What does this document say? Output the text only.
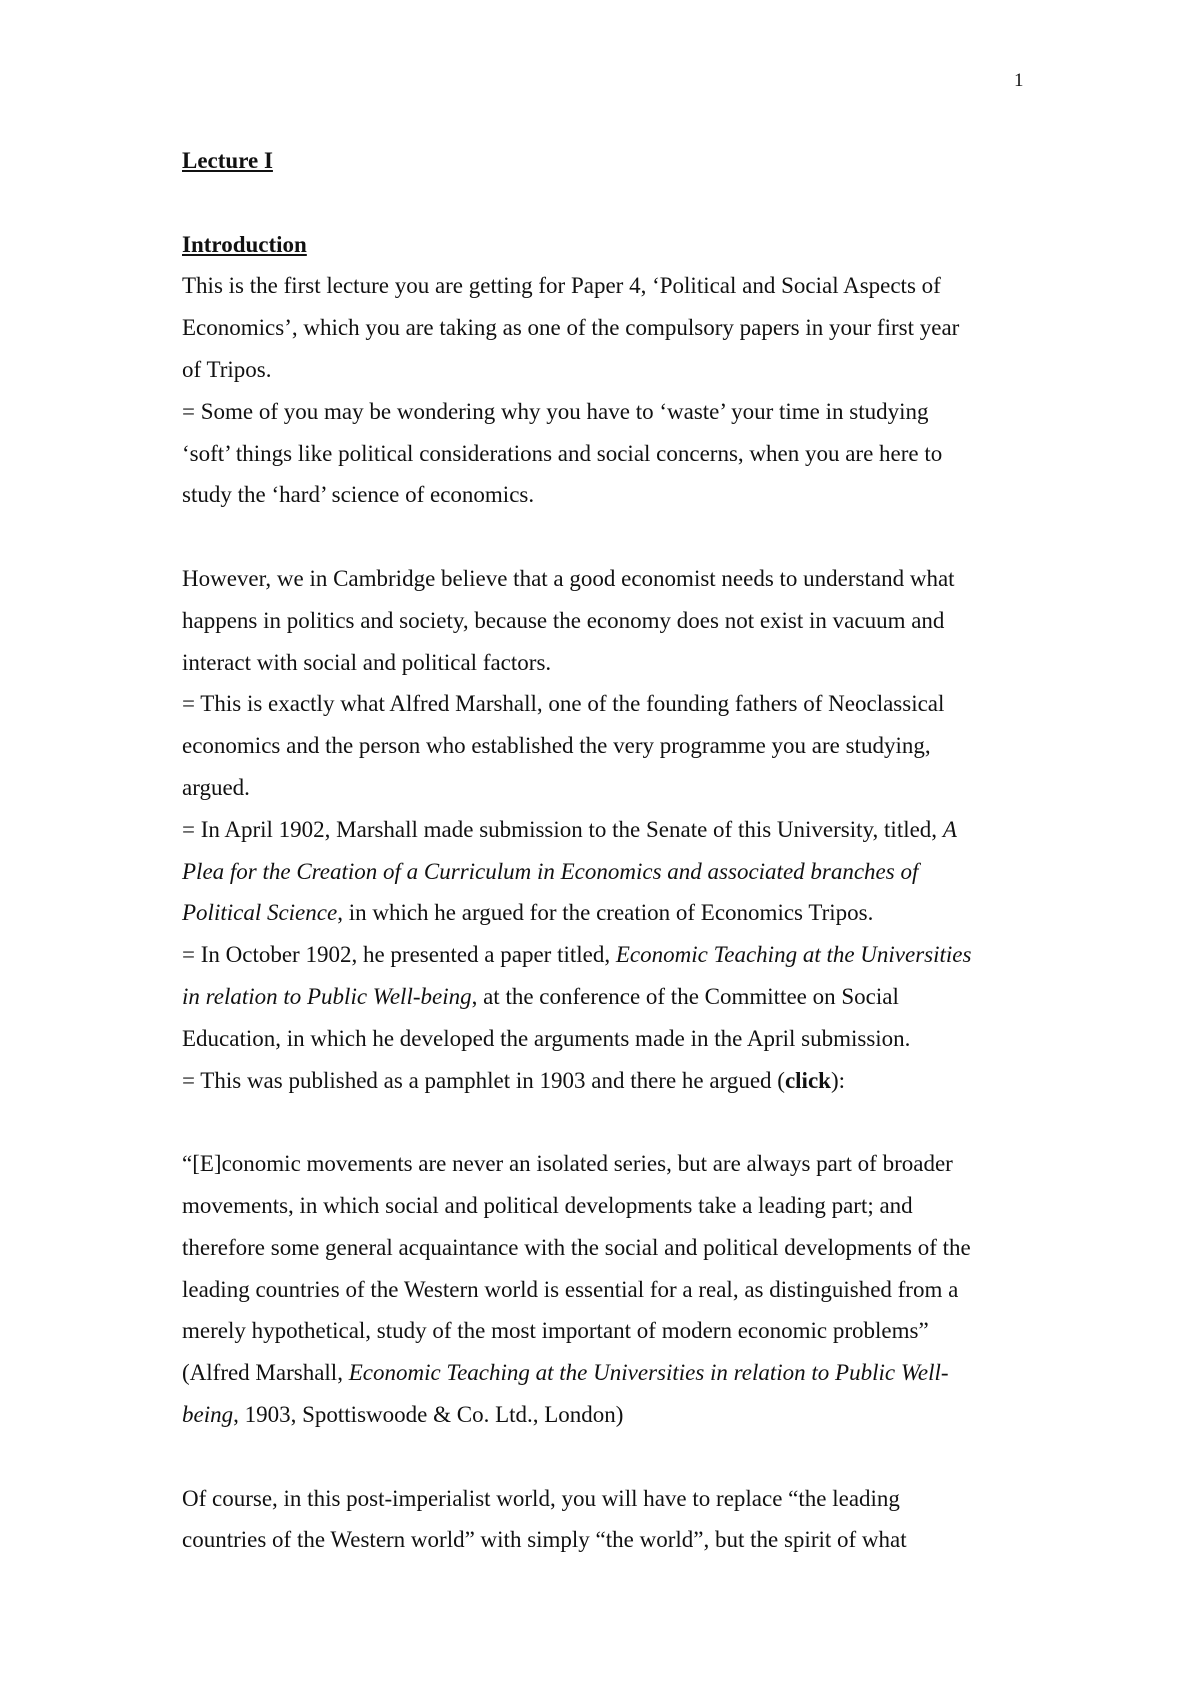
1
Lecture I
Introduction
This is the first lecture you are getting for Paper 4, ‘Political and Social Aspects of
Economics’, which you are taking as one of the compulsory papers in your first year
of Tripos.
= Some of you may be wondering why you have to ‘waste’ your time in studying
‘soft’ things like political considerations and social concerns, when you are here to
study the ‘hard’ science of economics.
However, we in Cambridge believe that a good economist needs to understand what
happens in politics and society, because the economy does not exist in vacuum and
interact with social and political factors.
= This is exactly what Alfred Marshall, one of the founding fathers of Neoclassical
economics and the person who established the very programme you are studying,
argued.
= In April 1902, Marshall made submission to the Senate of this University, titled, A
Plea for the Creation of a Curriculum in Economics and associated branches of
Political Science, in which he argued for the creation of Economics Tripos.
= In October 1902, he presented a paper titled, Economic Teaching at the Universities
in relation to Public Well-being, at the conference of the Committee on Social
Education, in which he developed the arguments made in the April submission.
= This was published as a pamphlet in 1903 and there he argued (click):
“[E]conomic movements are never an isolated series, but are always part of broader
movements, in which social and political developments take a leading part; and
therefore some general acquaintance with the social and political developments of the
leading countries of the Western world is essential for a real, as distinguished from a
merely hypothetical, study of the most important of modern economic problems”
(Alfred Marshall, Economic Teaching at the Universities in relation to Public Well-
being, 1903, Spottiswoode & Co. Ltd., London)
Of course, in this post-imperialist world, you will have to replace “the leading
countries of the Western world” with simply “the world”, but the spirit of what
